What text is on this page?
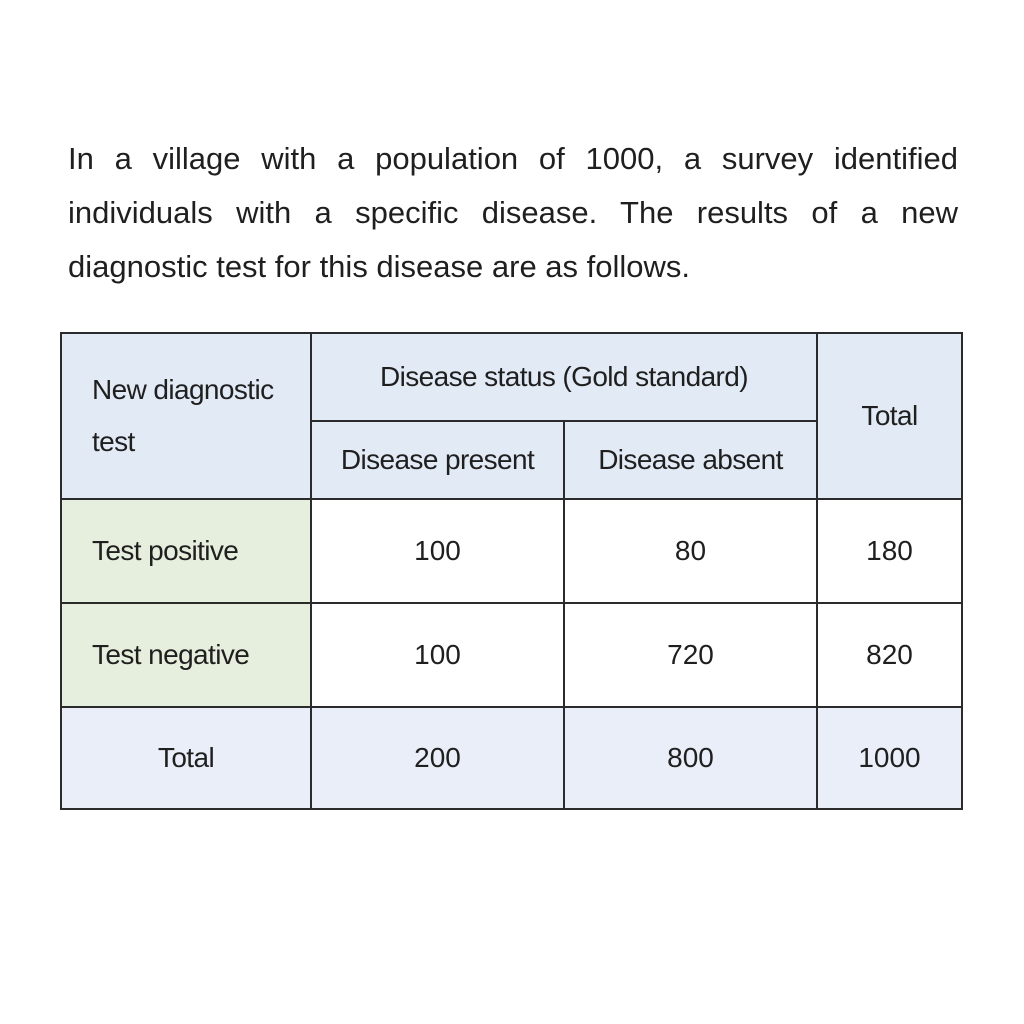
In a village with a population of 1000, a survey identified individuals with a specific disease. The results of a new diagnostic test for this disease are as follows.

New diagnostic test	Disease status (Gold standard)		Total
	Disease present	Disease absent	
Test positive	100	80	180
Test negative	100	720	820
Total	200	800	1000
